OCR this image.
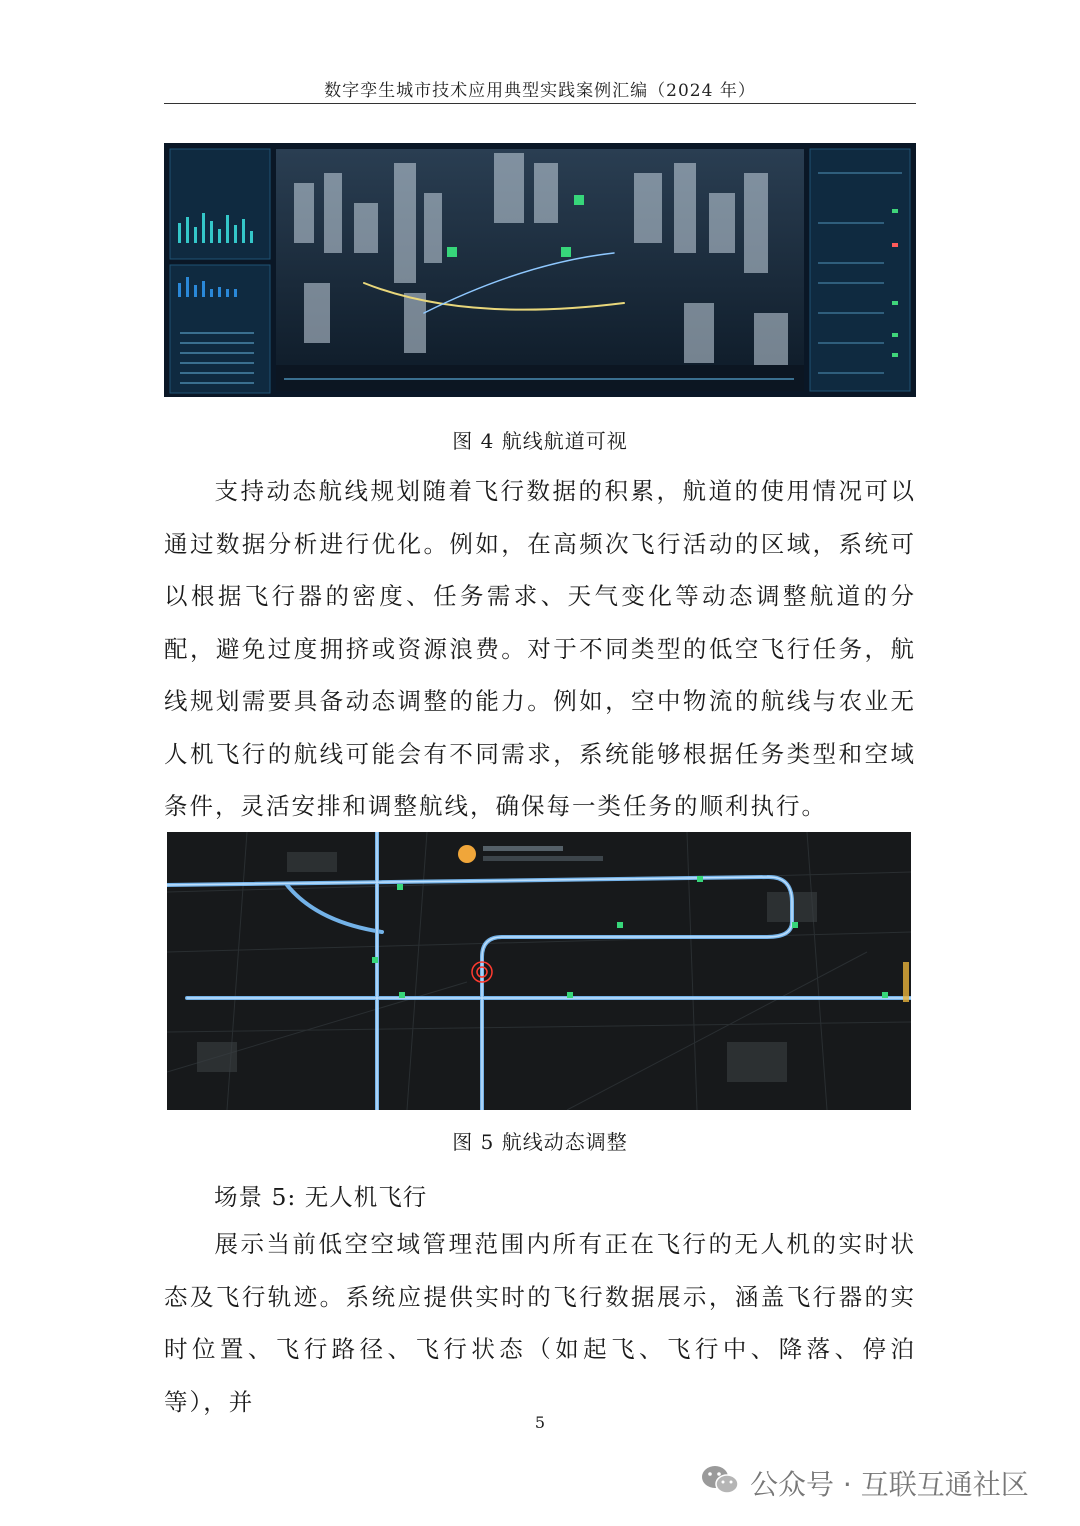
数字孪生城市技术应用典型实践案例汇编（2024 年）
图 4 航线航道可视

支持动态航线规划随着飞行数据的积累，航道的使用情况可以通过数据分析进行优化。例如，在高频次飞行活动的区域，系统可以根据飞行器的密度、任务需求、天气变化等动态调整航道的分配，避免过度拥挤或资源浪费。对于不同类型的低空飞行任务，航线规划需要具备动态调整的能力。例如，空中物流的航线与农业无人机飞行的航线可能会有不同需求，系统能够根据任务类型和空域条件，灵活安排和调整航线，确保每一类任务的顺利执行。

图 5 航线动态调整
场景 5: 无人机飞行

展示当前低空空域管理范围内所有正在飞行的无人机的实时状态及飞行轨迹。系统应提供实时的飞行数据展示，涵盖飞行器的实时位置、飞行路径、飞行状态（如起飞、飞行中、降落、停泊等），并

5
公众号 · 互联互通社区
